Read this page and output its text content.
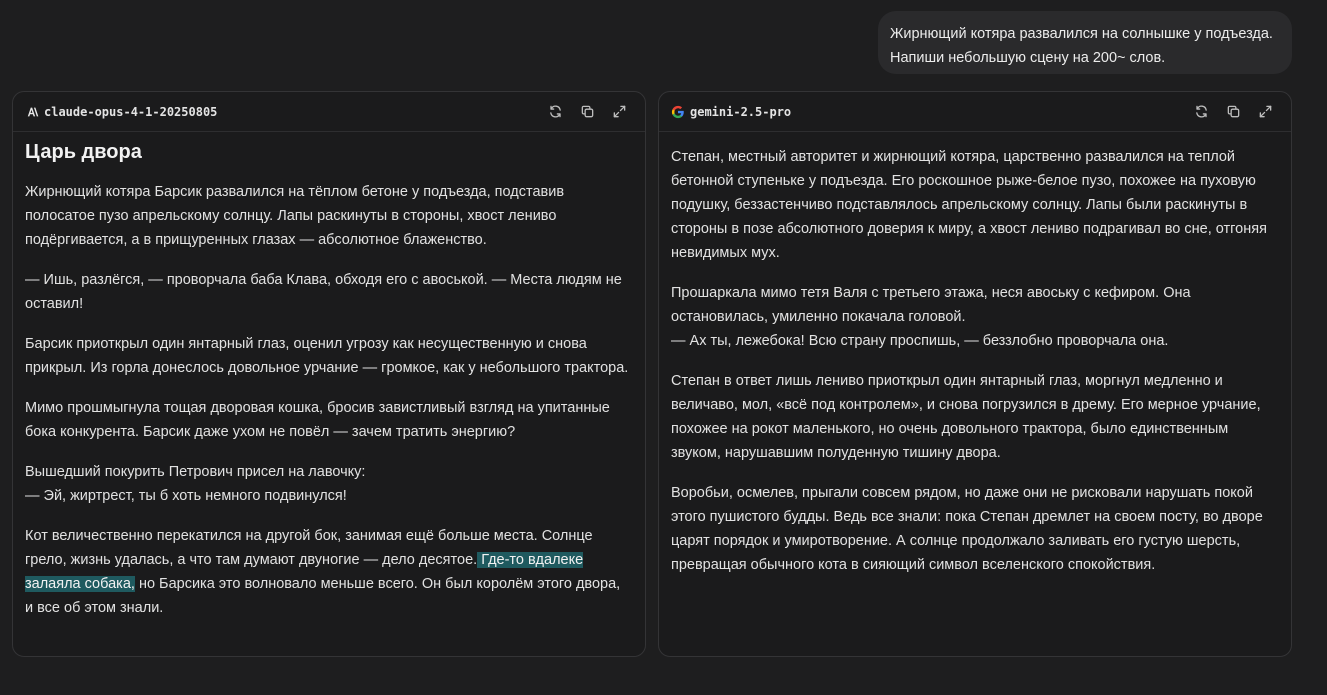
Жирнющий котяра развалился на солнышке у подъезда.

Напиши небольшую сцену на 200~ слов.

claude-opus-4-1-20250805
Царь двора

Жирнющий котяра Барсик развалился на тёплом бетоне у подъезда, подставив полосатое пузо апрельскому солнцу. Лапы раскинуты в стороны, хвост лениво подёргивается, а в прищуренных глазах — абсолютное блаженство.

— Ишь, разлёгся, — проворчала баба Клава, обходя его с авоськой. — Места людям не оставил!

Барсик приоткрыл один янтарный глаз, оценил угрозу как несущественную и снова прикрыл. Из горла донеслось довольное урчание — громкое, как у небольшого трактора.

Мимо прошмыгнула тощая дворовая кошка, бросив завистливый взгляд на упитанные бока конкурента. Барсик даже ухом не повёл — зачем тратить энергию?

Вышедший покурить Петрович присел на лавочку:
— Эй, жиртрест, ты б хоть немного подвинулся!

Кот величественно перекатился на другой бок, занимая ещё больше места. Солнце грело, жизнь удалась, а что там думают двуногие — дело десятое. Где-то вдалеке залаяла собака, но Барсика это волновало меньше всего. Он был королём этого двора, и все об этом знали.

gemini-2.5-pro

Степан, местный авторитет и жирнющий котяра, царственно развалился на теплой бетонной ступеньке у подъезда. Его роскошное рыже-белое пузо, похожее на пуховую подушку, беззастенчиво подставлялось апрельскому солнцу. Лапы были раскинуты в стороны в позе абсолютного доверия к миру, а хвост лениво подрагивал во сне, отгоняя невидимых мух.

Прошаркала мимо тетя Валя с третьего этажа, неся авоську с кефиром. Она остановилась, умиленно покачала головой.
— Ах ты, лежебока! Всю страну проспишь, — беззлобно проворчала она.

Степан в ответ лишь лениво приоткрыл один янтарный глаз, моргнул медленно и величаво, мол, «всё под контролем», и снова погрузился в дрему. Его мерное урчание, похожее на рокот маленького, но очень довольного трактора, было единственным звуком, нарушавшим полуденную тишину двора.

Воробьи, осмелев, прыгали совсем рядом, но даже они не рисковали нарушать покой этого пушистого будды. Ведь все знали: пока Степан дремлет на своем посту, во дворе царят порядок и умиротворение. А солнце продолжало заливать его густую шерсть, превращая обычного кота в сияющий символ вселенского спокойствия.
